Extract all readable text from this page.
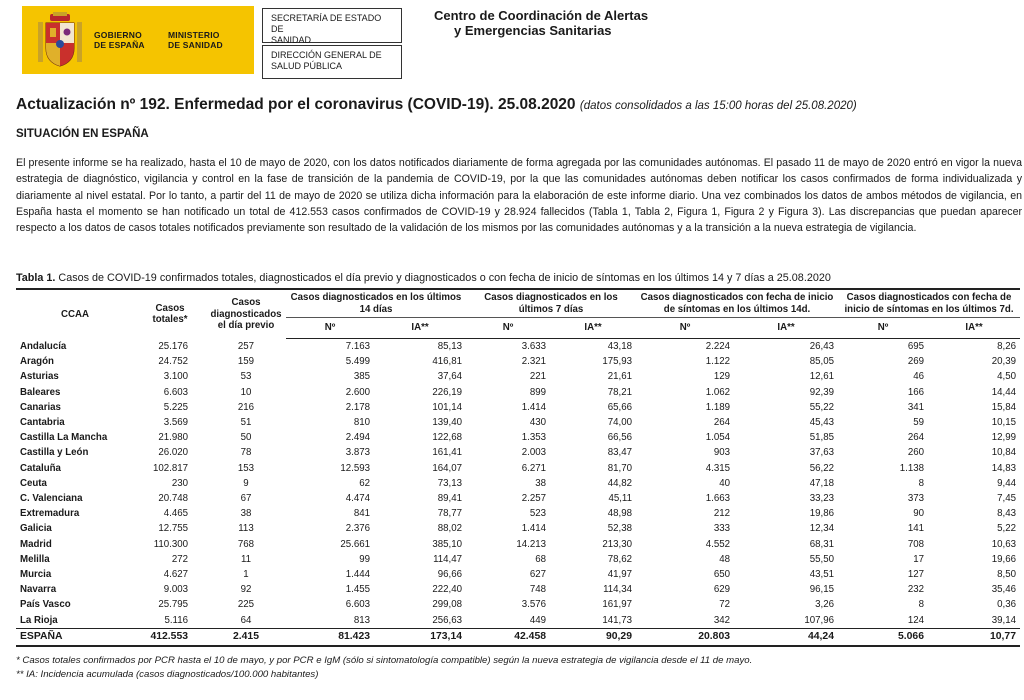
GOBIERNO
DE ESPAÑA
MINISTERIO
DE SANIDAD
SECRETARÍA DE ESTADO DE
SANIDAD
DIRECCIÓN GENERAL DE
SALUD PÚBLICA
Centro de Coordinación de Alertas
y Emergencias Sanitarias
Actualización nº 192. Enfermedad por el coronavirus (COVID-19). 25.08.2020 (datos consolidados a las 15:00 horas del 25.08.2020)
SITUACIÓN EN ESPAÑA

El presente informe se ha realizado, hasta el 10 de mayo de 2020, con los datos notificados diariamente de forma agregada por las comunidades autónomas. El pasado 11 de mayo de 2020 entró en vigor la nueva estrategia de diagnóstico, vigilancia y control en la fase de transición de la pandemia de COVID-19, por la que las comunidades autónomas deben notificar los casos confirmados de forma individualizada y diariamente al nivel estatal. Por lo tanto, a partir del 11 de mayo de 2020 se utiliza dicha información para la elaboración de este informe diario. Una vez combinados los datos de ambos métodos de vigilancia, en España hasta el momento se han notificado un total de 412.553 casos confirmados de COVID-19 y 28.924 fallecidos (Tabla 1, Tabla 2, Figura 1, Figura 2 y Figura 3). Las discrepancias que puedan aparecer respecto a los datos de casos totales notificados previamente son resultado de la validación de los mismos por las comunidades autónomas y a la transición a la nueva estrategia de vigilancia.

Tabla 1. Casos de COVID-19 confirmados totales, diagnosticados el día previo y diagnosticados o con fecha de inicio de síntomas en los últimos 14 y 7 días a 25.08.2020
CCAA	Casos totales*	Casos diagnosticados el día previo	Casos diagnosticados en los últimos 14 días		Casos diagnosticados en los últimos 7 días		Casos diagnosticados con fecha de inicio de síntomas en los últimos 14d.		Casos diagnosticados con fecha de inicio de síntomas en los últimos 7d.	
			Nº	IA**	Nº	IA**	Nº	IA**	Nº	IA**
Andalucía	25.176	257	7.163	85,13	3.633	43,18	2.224	26,43	695	8,26
Aragón	24.752	159	5.499	416,81	2.321	175,93	1.122	85,05	269	20,39
Asturias	3.100	53	385	37,64	221	21,61	129	12,61	46	4,50
Baleares	6.603	10	2.600	226,19	899	78,21	1.062	92,39	166	14,44
Canarias	5.225	216	2.178	101,14	1.414	65,66	1.189	55,22	341	15,84
Cantabria	3.569	51	810	139,40	430	74,00	264	45,43	59	10,15
Castilla La Mancha	21.980	50	2.494	122,68	1.353	66,56	1.054	51,85	264	12,99
Castilla y León	26.020	78	3.873	161,41	2.003	83,47	903	37,63	260	10,84
Cataluña	102.817	153	12.593	164,07	6.271	81,70	4.315	56,22	1.138	14,83
Ceuta	230	9	62	73,13	38	44,82	40	47,18	8	9,44
C. Valenciana	20.748	67	4.474	89,41	2.257	45,11	1.663	33,23	373	7,45
Extremadura	4.465	38	841	78,77	523	48,98	212	19,86	90	8,43
Galicia	12.755	113	2.376	88,02	1.414	52,38	333	12,34	141	5,22
Madrid	110.300	768	25.661	385,10	14.213	213,30	4.552	68,31	708	10,63
Melilla	272	11	99	114,47	68	78,62	48	55,50	17	19,66
Murcia	4.627	1	1.444	96,66	627	41,97	650	43,51	127	8,50
Navarra	9.003	92	1.455	222,40	748	114,34	629	96,15	232	35,46
País Vasco	25.795	225	6.603	299,08	3.576	161,97	72	3,26	8	0,36
La Rioja	5.116	64	813	256,63	449	141,73	342	107,96	124	39,14
ESPAÑA	412.553	2.415	81.423	173,14	42.458	90,29	20.803	44,24	5.066	10,77
* Casos totales confirmados por PCR hasta el 10 de mayo, y por PCR e IgM (sólo si sintomatología compatible) según la nueva estrategia de vigilancia desde el 11 de mayo.
** IA: Incidencia acumulada (casos diagnosticados/100.000 habitantes)
